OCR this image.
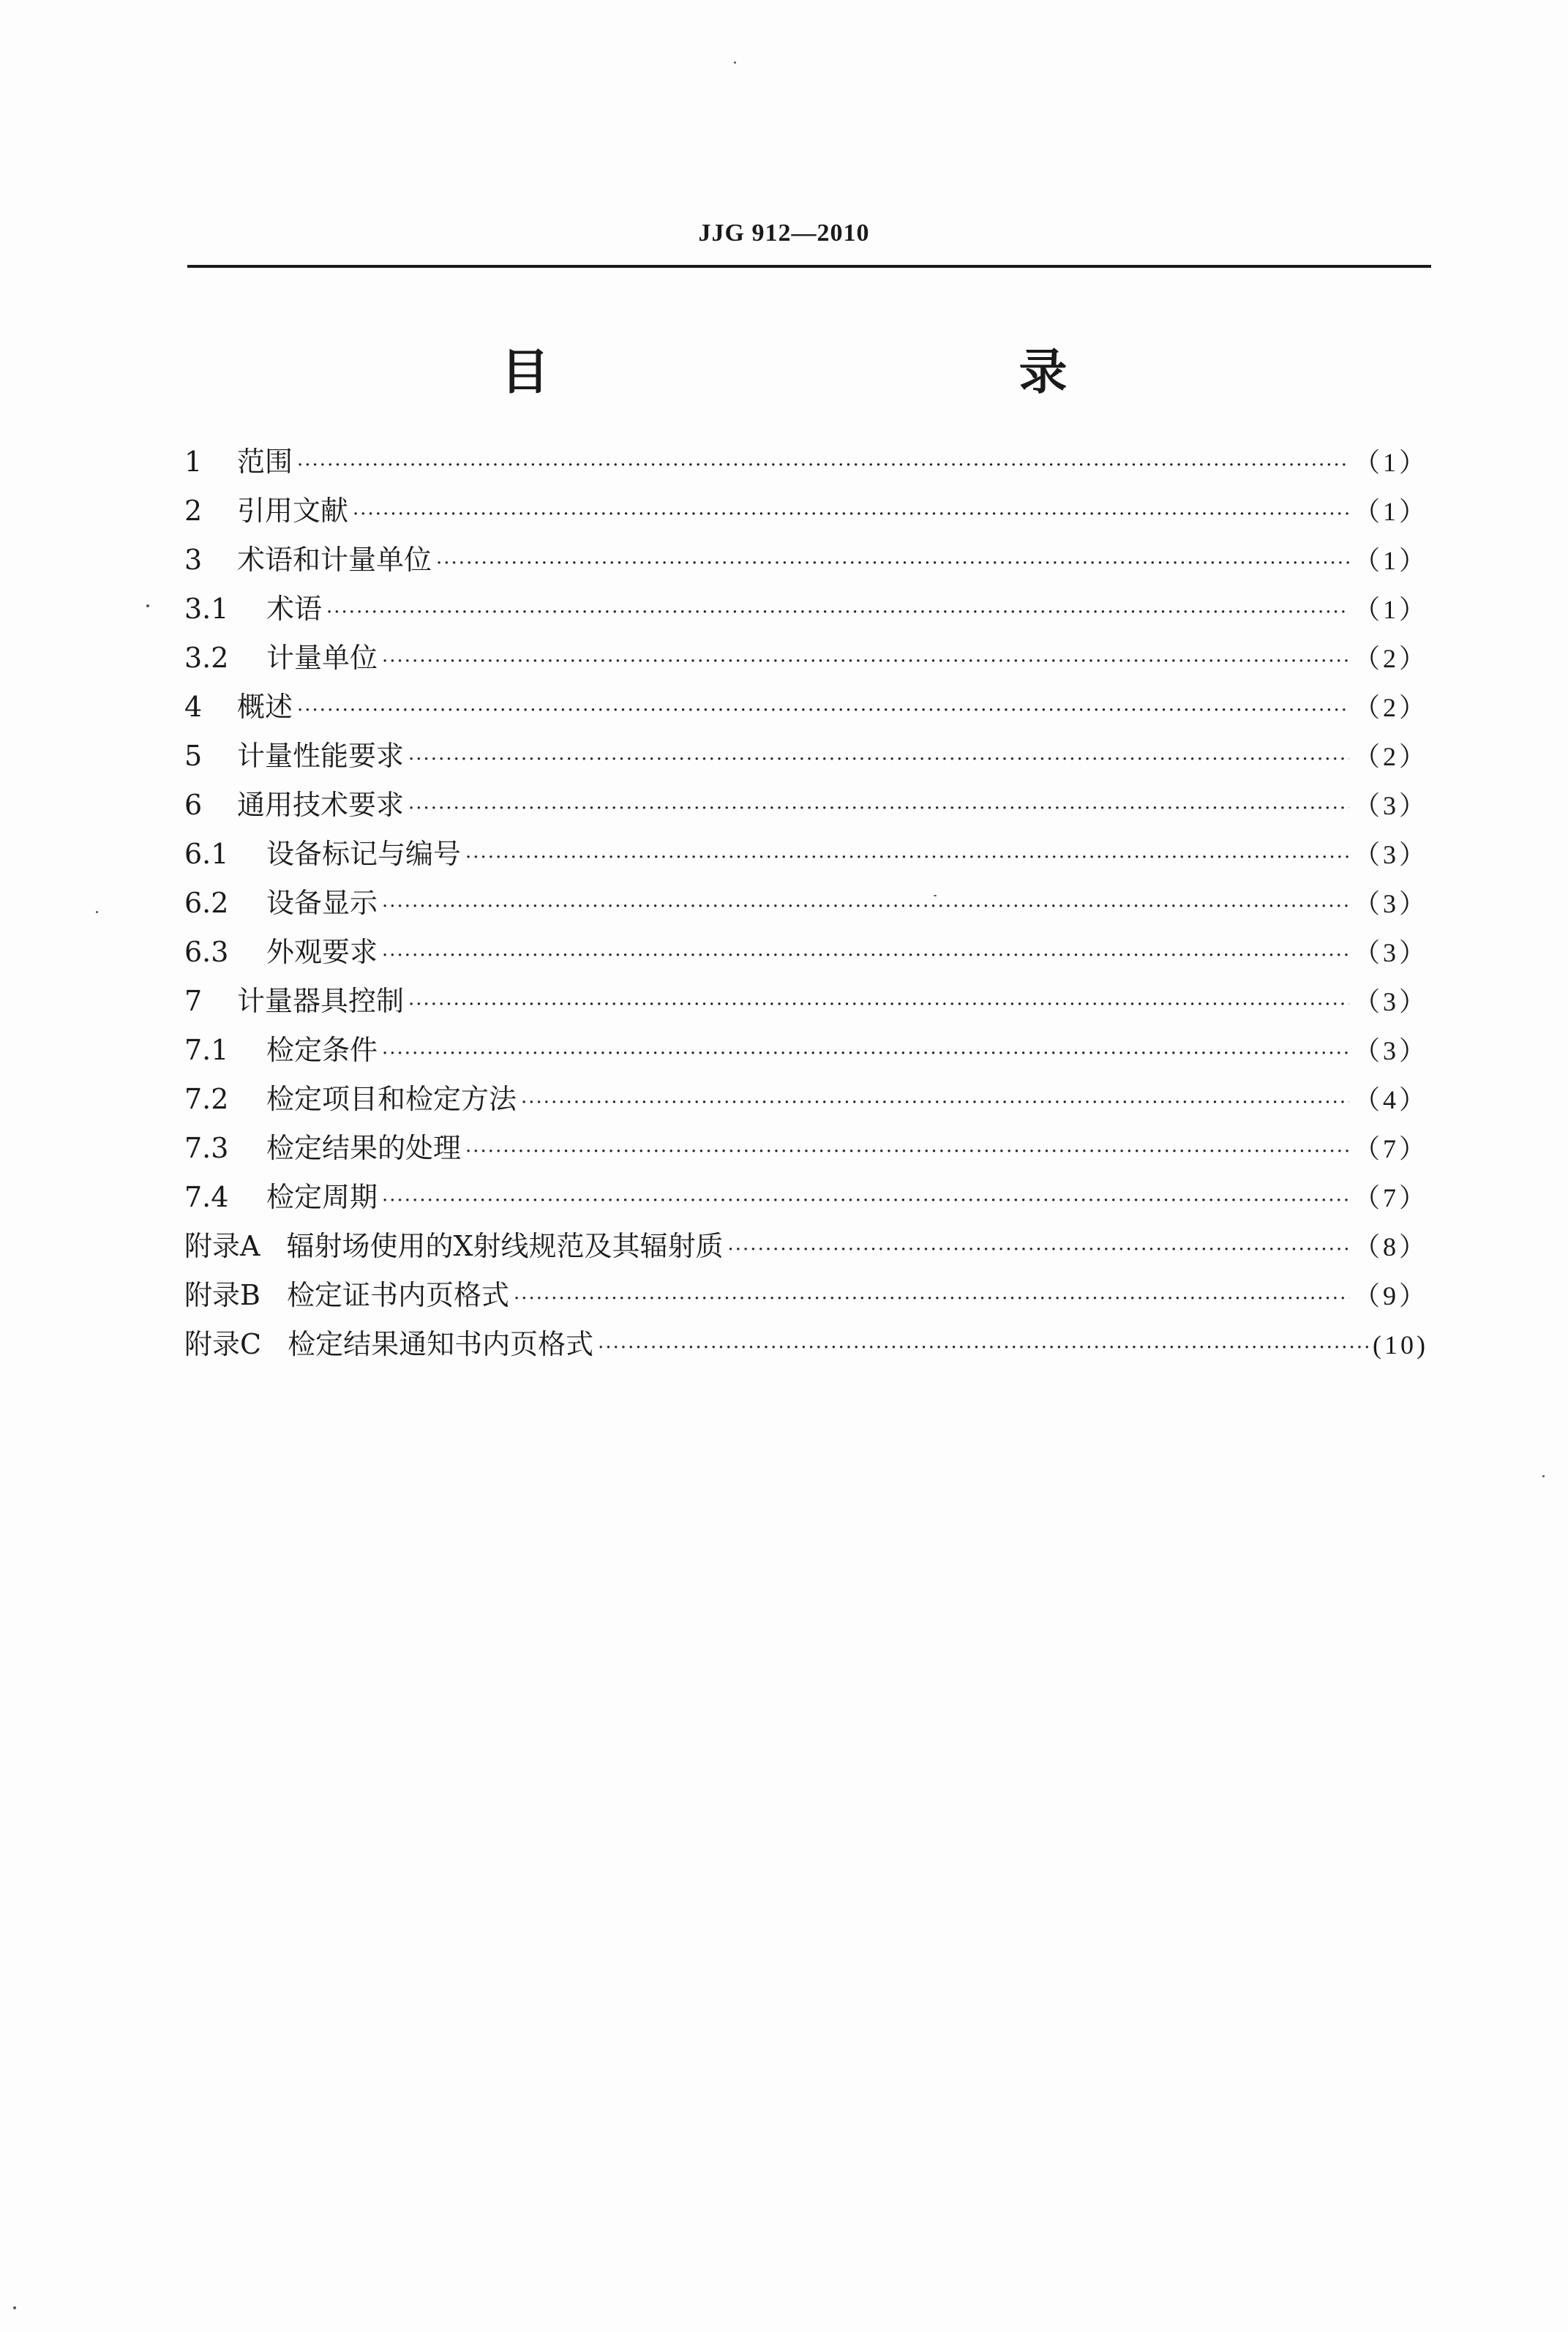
JJG 912—2010
目　　录
1	范围 ·····	（1）
2	引用文献 ·····	（1）
3	术语和计量单位 ·····	（1）
3.1	术语 ·····	（1）
3.2	计量单位 ·····	（2）
4	概述 ·····	（2）
5	计量性能要求 ·····	（2）
6	通用技术要求 ·····	（3）
6.1	设备标记与编号 ·····	（3）
6.2	设备显示 ·····	（3）
6.3	外观要求 ·····	（3）
7	计量器具控制 ·····	（3）
7.1	检定条件 ·····	（3）
7.2	检定项目和检定方法 ·····	（4）
7.3	检定结果的处理 ·····	（7）
7.4	检定周期 ·····	（7）
附录A 辐射场使用的X射线规范及其辐射质 ·····	（8）
附录B 检定证书内页格式 ·····	（9）
附录C 检定结果通知书内页格式 ·····	(10)
